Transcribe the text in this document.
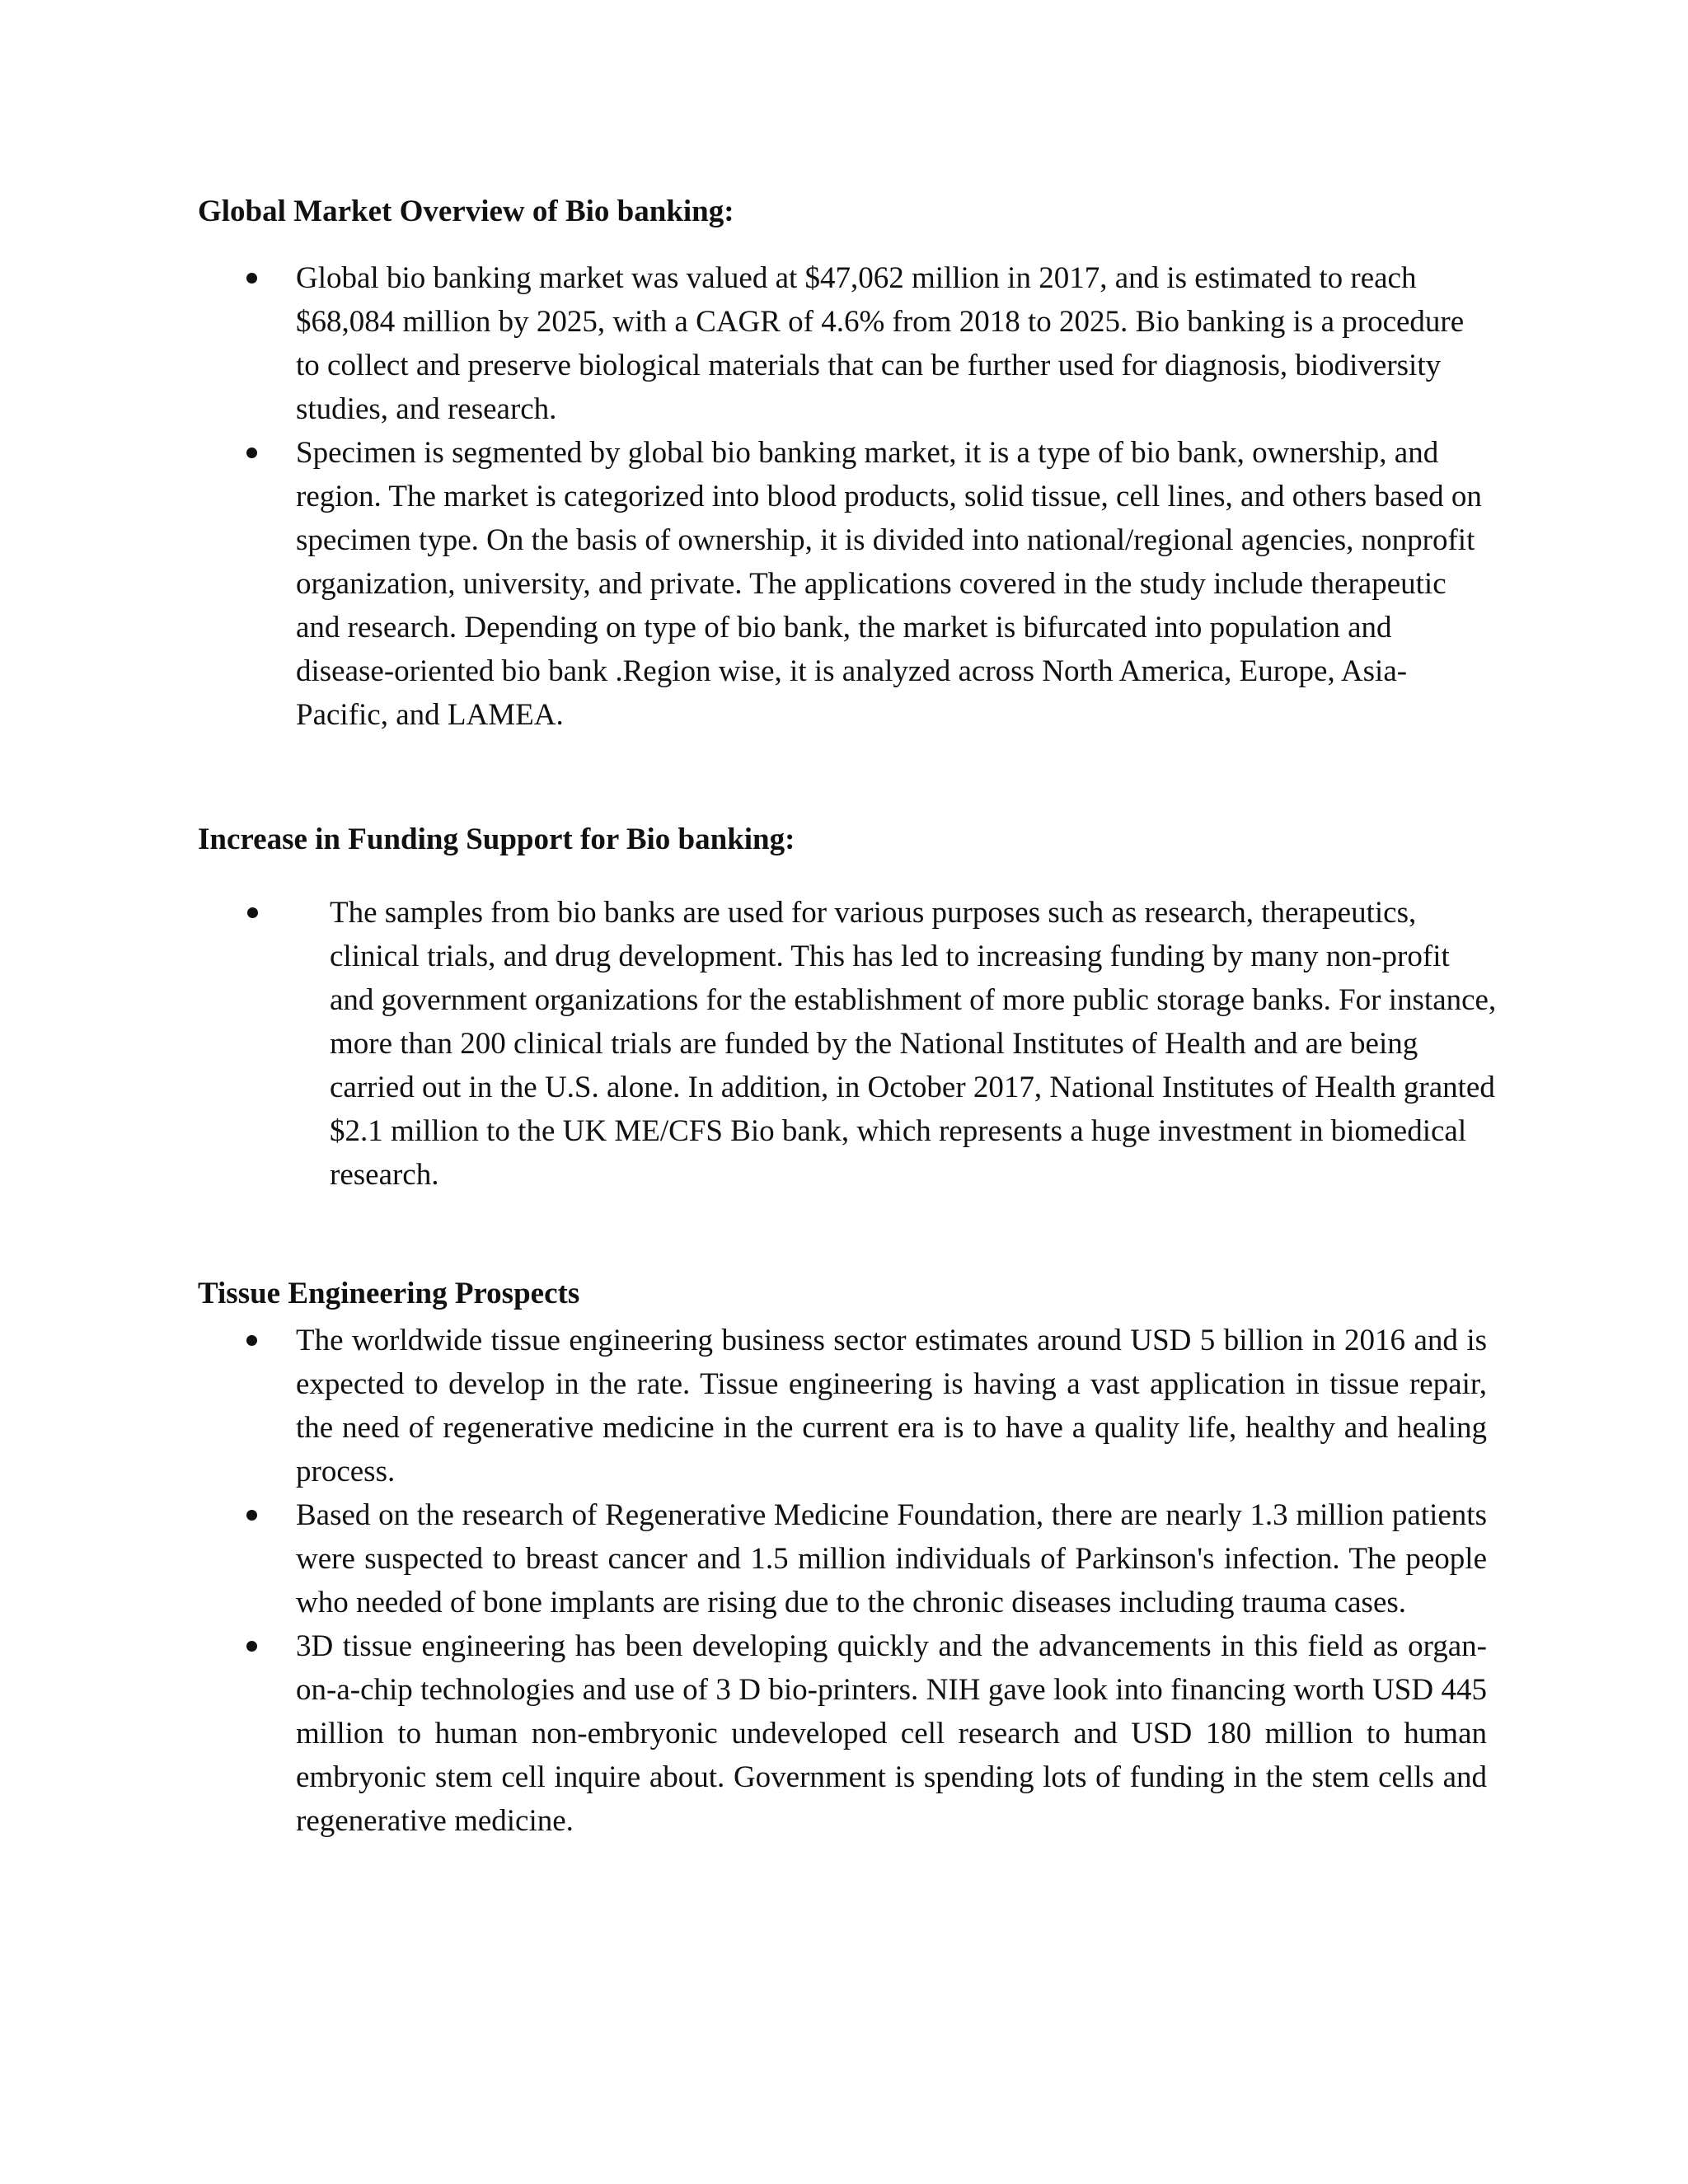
Global Market Overview of Bio banking:
Global bio banking market was valued at $47,062 million in 2017, and is estimated to reach $68,084 million by 2025, with a CAGR of 4.6% from 2018 to 2025. Bio banking is a procedure to collect and preserve biological materials that can be further used for diagnosis, biodiversity studies, and research.
Specimen is segmented by global bio banking market, it is a type of bio bank, ownership, and region. The market is categorized into blood products, solid tissue, cell lines, and others based on specimen type. On the basis of ownership, it is divided into national/regional agencies, nonprofit organization, university, and private. The applications covered in the study include therapeutic and research. Depending on type of bio bank, the market is bifurcated into population and disease-oriented bio bank .Region wise, it is analyzed across North America, Europe, Asia-Pacific, and LAMEA.
Increase in Funding Support for Bio banking:
The samples from bio banks are used for various purposes such as research, therapeutics, clinical trials, and drug development. This has led to increasing funding by many non-profit and government organizations for the establishment of more public storage banks. For instance, more than 200 clinical trials are funded by the National Institutes of Health and are being carried out in the U.S. alone. In addition, in October 2017, National Institutes of Health granted $2.1 million to the UK ME/CFS Bio bank, which represents a huge investment in biomedical research.
Tissue Engineering Prospects
The worldwide tissue engineering business sector estimates around USD 5 billion in 2016 and is expected to develop in the rate. Tissue engineering is having a vast application in tissue repair, the need of regenerative medicine in the current era is to have a quality life, healthy and healing process.
Based on the research of Regenerative Medicine Foundation, there are nearly 1.3 million patients were suspected to breast cancer and 1.5 million individuals of Parkinson's infection. The people who needed of bone implants are rising due to the chronic diseases including trauma cases.
3D tissue engineering has been developing quickly and the advancements in this field as organ-on-a-chip technologies and use of 3 D bio-printers. NIH gave look into financing worth USD 445 million to human non-embryonic undeveloped cell research and USD 180 million to human embryonic stem cell inquire about. Government is spending lots of funding in the stem cells and regenerative medicine.
